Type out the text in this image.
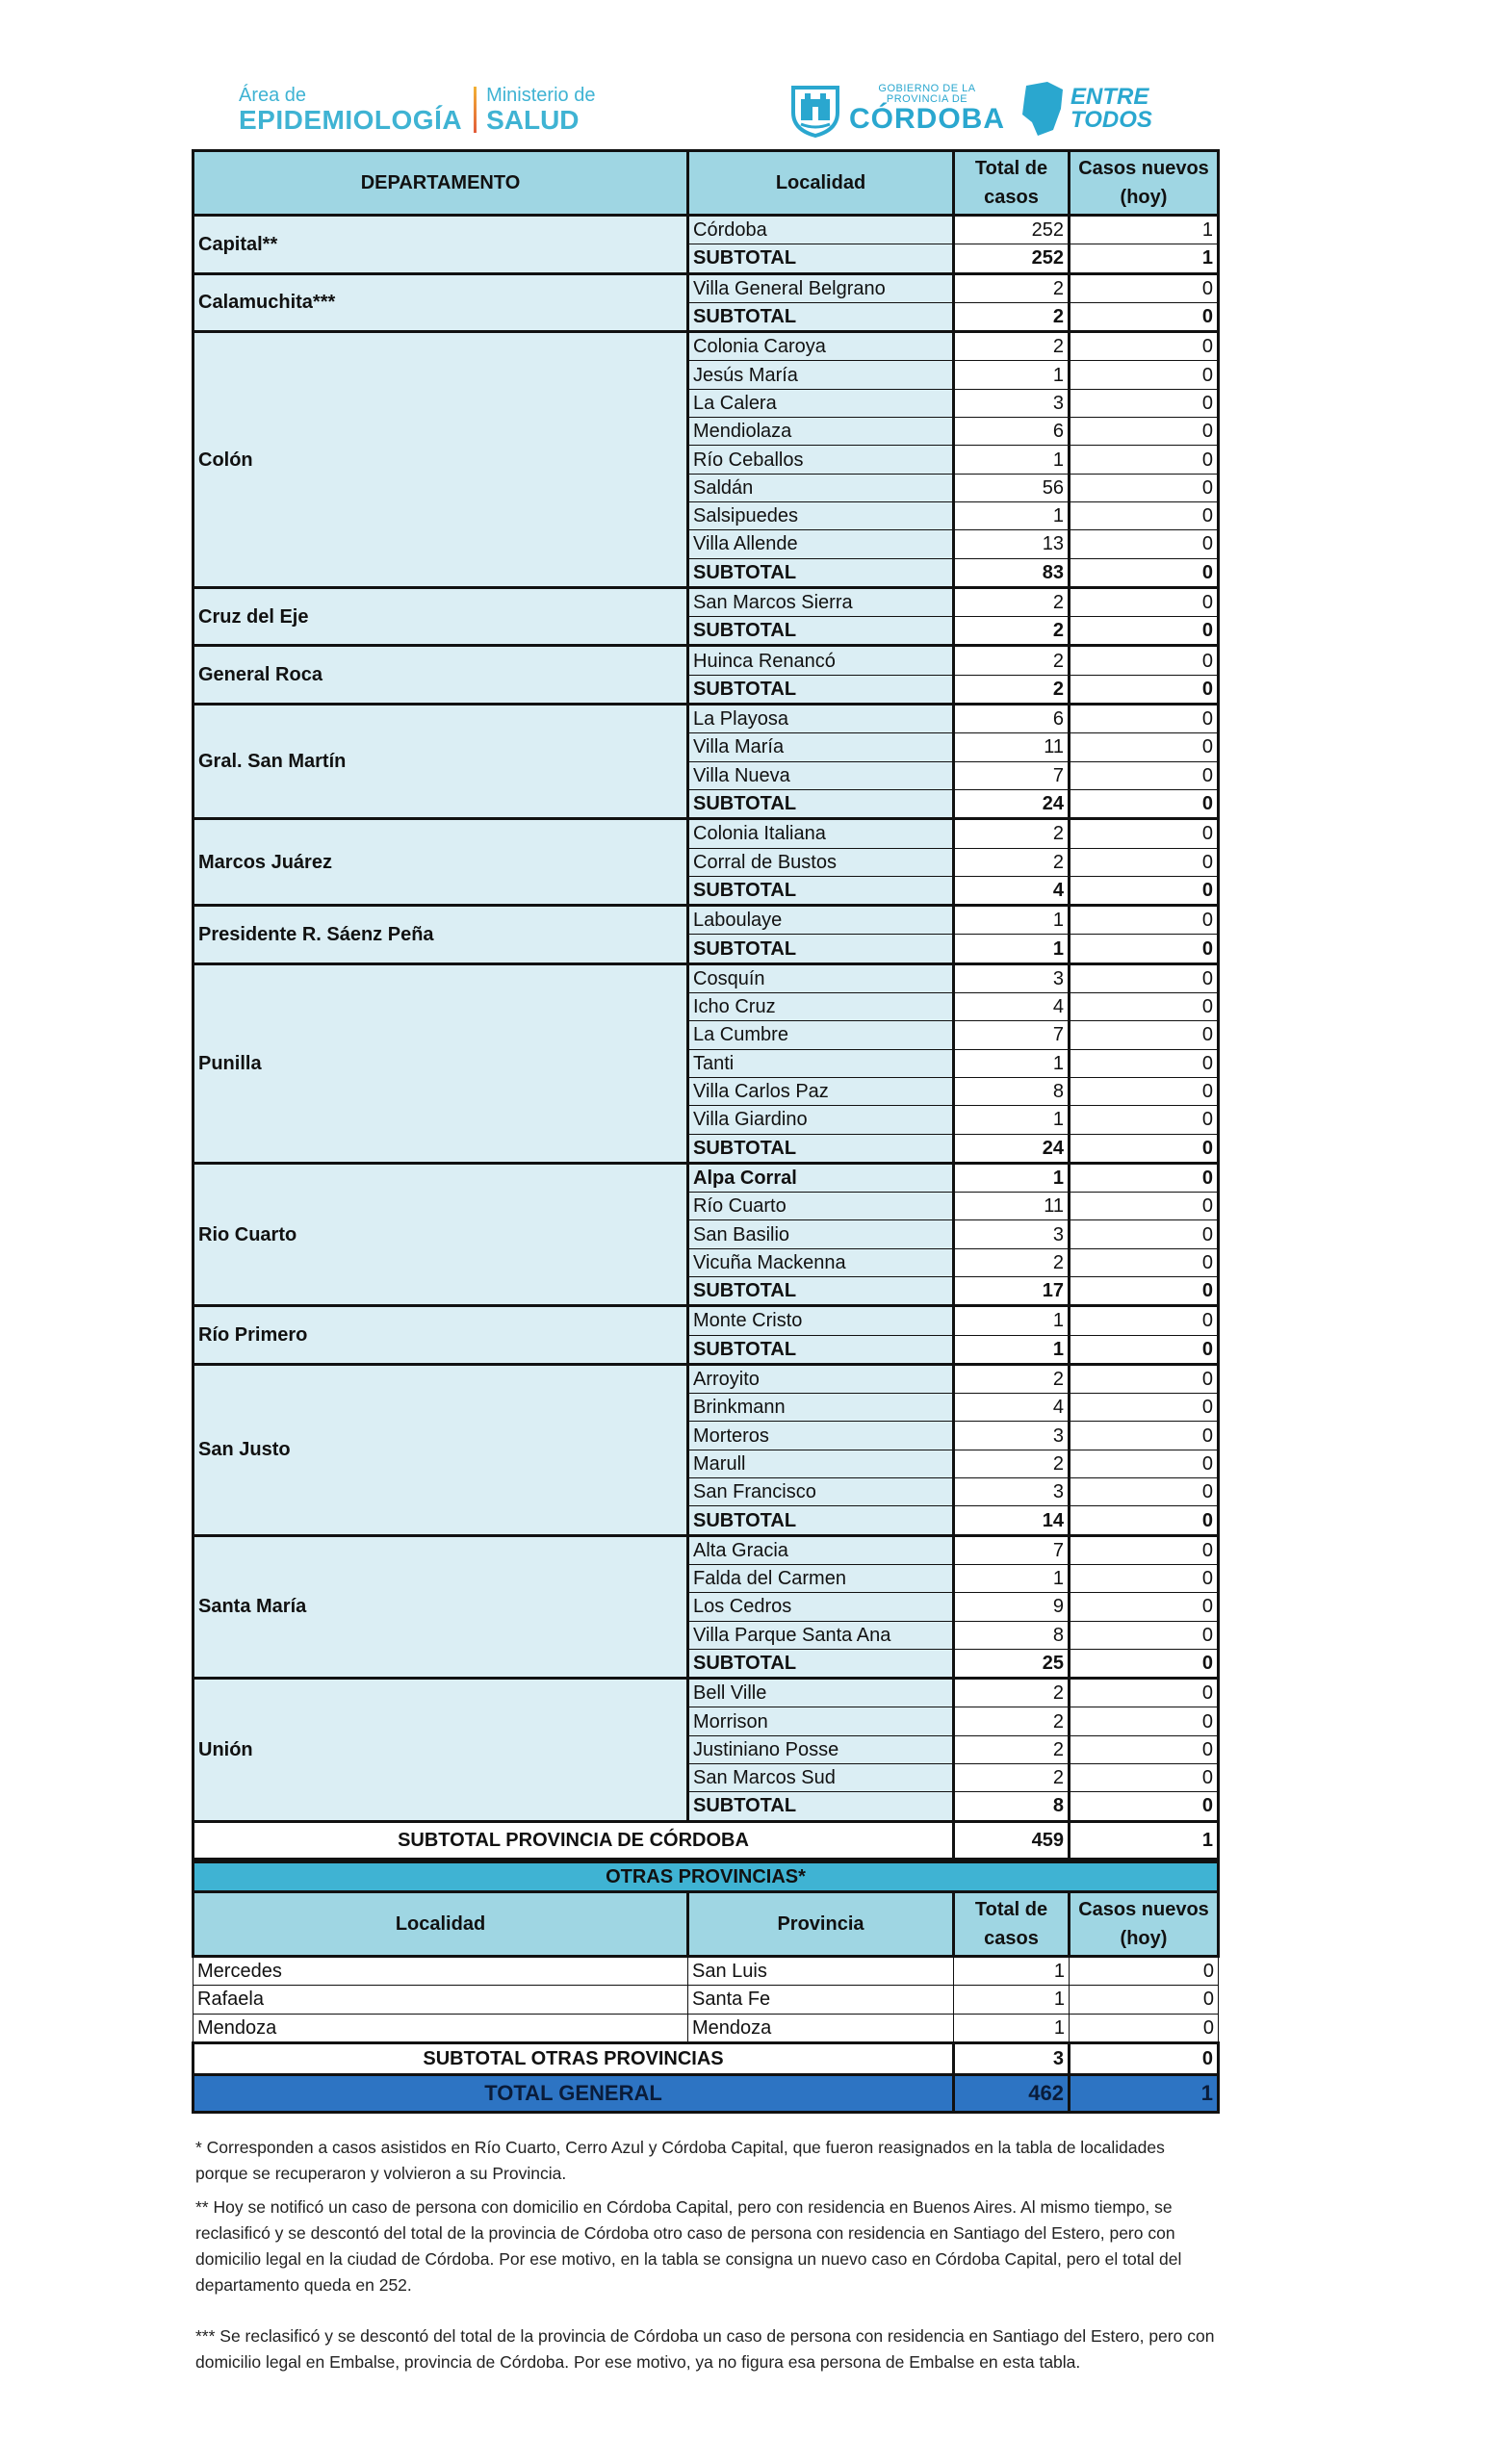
Área de
EPIDEMIOLOGÍA
Ministerio de
SALUD
GOBIERNO DE LA
PROVINCIA DE
CÓRDOBA
ENTRE
TODOS
DEPARTAMENTO	Localidad	Total de casos	Casos nuevos (hoy)
Capital**	Córdoba	252	1
	SUBTOTAL	252	1
Calamuchita***	Villa General Belgrano	2	0
	SUBTOTAL	2	0
Colón	Colonia Caroya	2	0
	Jesús María	1	0
	La Calera	3	0
	Mendiolaza	6	0
	Río Ceballos	1	0
	Saldán	56	0
	Salsipuedes	1	0
	Villa Allende	13	0
	SUBTOTAL	83	0
Cruz del Eje	San Marcos Sierra	2	0
	SUBTOTAL	2	0
General Roca	Huinca Renancó	2	0
	SUBTOTAL	2	0
Gral. San Martín	La Playosa	6	0
	Villa María	11	0
	Villa Nueva	7	0
	SUBTOTAL	24	0
Marcos Juárez	Colonia Italiana	2	0
	Corral de Bustos	2	0
	SUBTOTAL	4	0
Presidente R. Sáenz Peña	Laboulaye	1	0
	SUBTOTAL	1	0
Punilla	Cosquín	3	0
	Icho Cruz	4	0
	La Cumbre	7	0
	Tanti	1	0
	Villa Carlos Paz	8	0
	Villa Giardino	1	0
	SUBTOTAL	24	0
Rio Cuarto	Alpa Corral	1	0
	Río Cuarto	11	0
	San Basilio	3	0
	Vicuña Mackenna	2	0
	SUBTOTAL	17	0
Río Primero	Monte Cristo	1	0
	SUBTOTAL	1	0
San Justo	Arroyito	2	0
	Brinkmann	4	0
	Morteros	3	0
	Marull	2	0
	San Francisco	3	0
	SUBTOTAL	14	0
Santa María	Alta Gracia	7	0
	Falda del Carmen	1	0
	Los Cedros	9	0
	Villa Parque Santa Ana	8	0
	SUBTOTAL	25	0
Unión	Bell Ville	2	0
	Morrison	2	0
	Justiniano Posse	2	0
	San Marcos Sud	2	0
	SUBTOTAL	8	0
SUBTOTAL PROVINCIA DE CÓRDOBA		459	1

OTRAS PROVINCIAS*			
Localidad	Provincia	Total de casos	Casos nuevos (hoy)
Mercedes	San Luis	1	0
Rafaela	Santa Fe	1	0
Mendoza	Mendoza	1	0
SUBTOTAL OTRAS PROVINCIAS		3	0
TOTAL GENERAL		462	1

* Corresponden a casos asistidos en Río Cuarto, Cerro Azul y Córdoba Capital, que fueron reasignados en la tabla de localidades porque se recuperaron y volvieron a su Provincia.

** Hoy se notificó un caso de persona con domicilio en Córdoba Capital, pero con residencia en Buenos Aires. Al mismo tiempo, se reclasificó y se descontó del total de la provincia de Córdoba otro caso de persona con residencia en Santiago del Estero, pero con domicilio legal en la ciudad de Córdoba. Por ese motivo, en la tabla se consigna un nuevo caso en Córdoba Capital, pero el total del departamento queda en 252.

*** Se reclasificó y se descontó del total de la provincia de Córdoba un caso de persona con residencia en Santiago del Estero, pero con domicilio legal en Embalse, provincia de Córdoba. Por ese motivo, ya no figura esa persona de Embalse en esta tabla.
